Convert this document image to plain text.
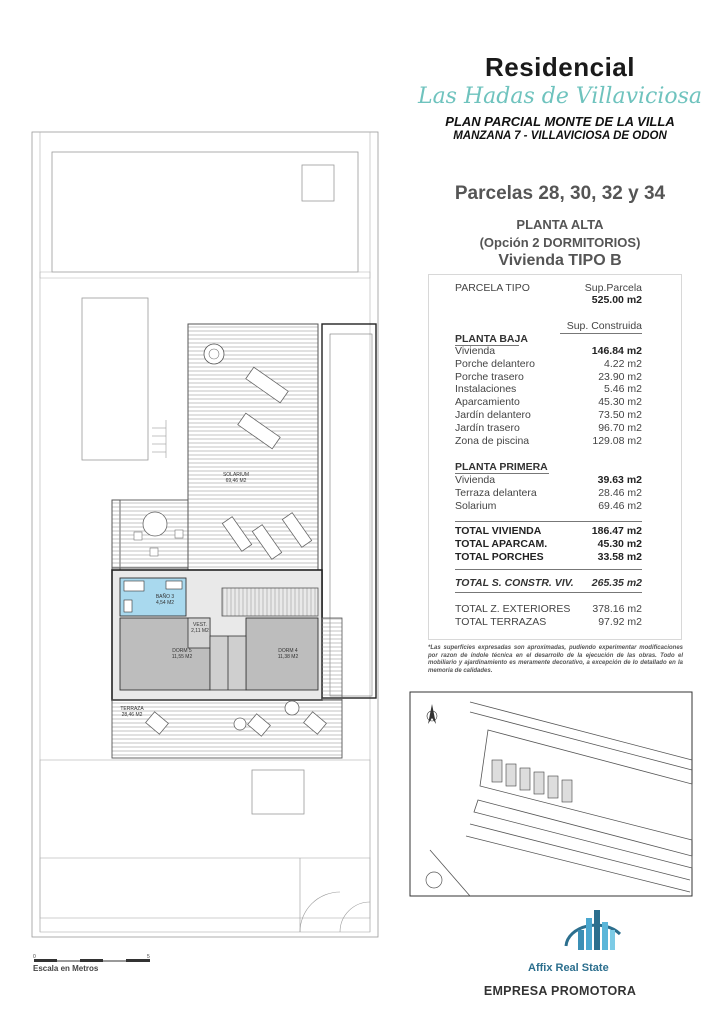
SOLARIUM
69,46 M2
BAÑO 3
4,54 M2
VEST.
2,11 M2
DORM 5
11,55 M2
DORM 4
11,38 M2
TERRAZA
28,46 M2
0	5
Escala en Metros
Residencial
Las Hadas de Villaviciosa
PLAN PARCIAL MONTE DE LA VILLA
MANZANA 7 - VILLAVICIOSA DE ODON
Parcelas 28, 30, 32 y 34
PLANTA ALTA
(Opción 2 DORMITORIOS)
Vivienda TIPO B
PARCELA TIPO	Sup.Parcela
525.00 m2
Sup. Construida
PLANTA BAJA
Vivienda	146.84 m2
Porche delantero	4.22 m2
Porche trasero	23.90 m2
Instalaciones	5.46 m2
Aparcamiento	45.30 m2
Jardín delantero	73.50 m2
Jardín trasero	96.70 m2
Zona de piscina	129.08 m2
PLANTA PRIMERA
Vivienda	39.63 m2
Terraza delantera	28.46 m2
Solarium	69.46 m2
TOTAL VIVIENDA	186.47 m2
TOTAL APARCAM.	45.30 m2
TOTAL PORCHES	33.58 m2
TOTAL S. CONSTR. VIV. 265.35 m2
TOTAL Z. EXTERIORES 378.16 m2
TOTAL TERRAZAS	97.92 m2
*Las superficies expresadas son aproximadas, pudiendo experimentar modificaciones por razon de índole técnica en el desarrollo de la ejecución de las obras. Todo el mobiliario y ajardinamiento es meramente decorativo, a excepción de lo detallado en la memoria de calidades.
Affix Real State
EMPRESA PROMOTORA
